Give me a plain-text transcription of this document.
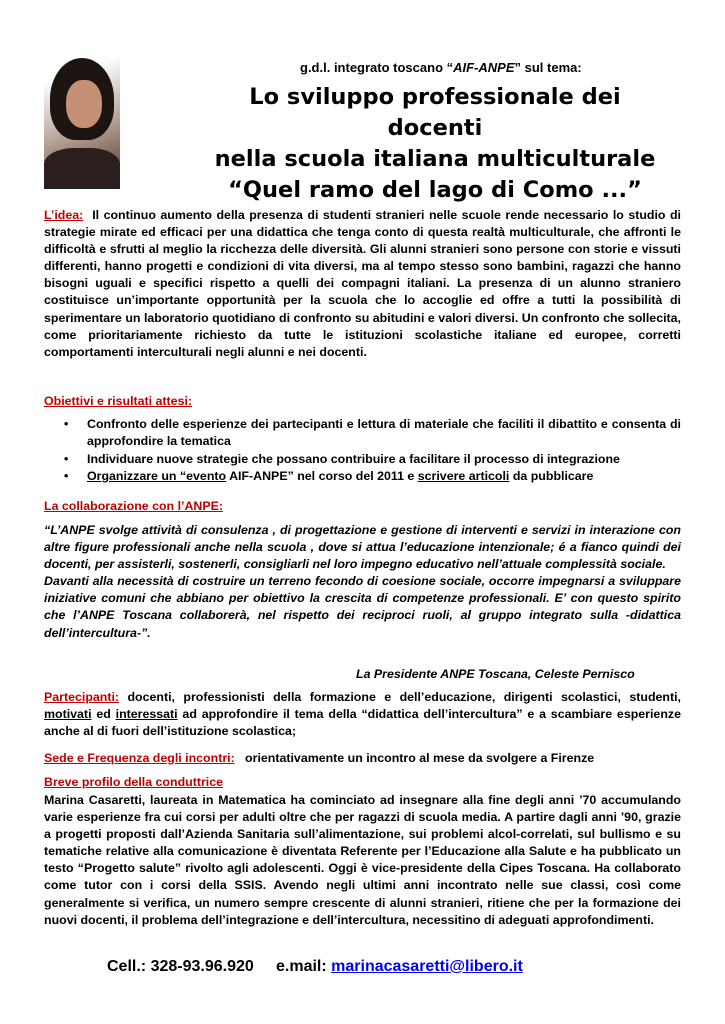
g.d.l. integrato toscano “AIF-ANPE” sul tema:
Lo sviluppo professionale dei docenti
nella scuola italiana multiculturale
“Quel ramo del lago di Como ...”
L’idea: Il continuo aumento della presenza di studenti stranieri nelle scuole rende necessario lo studio di strategie mirate ed efficaci per una didattica che tenga conto di questa realtà multiculturale, che affronti le difficoltà e sfrutti al meglio la ricchezza delle diversità. Gli alunni stranieri sono persone con storie e vissuti differenti, hanno progetti e condizioni di vita diversi, ma al tempo stesso sono bambini, ragazzi che hanno bisogni uguali e specifici rispetto a quelli dei compagni italiani. La presenza di un alunno straniero costituisce un’importante opportunità per la scuola che lo accoglie ed offre a tutti la possibilità di sperimentare un laboratorio quotidiano di confronto su abitudini e valori diversi. Un confronto che sollecita, come prioritariamente richiesto da tutte le istituzioni scolastiche italiane ed europee, corretti comportamenti interculturali negli alunni e nei docenti.
Obiettivi e risultati attesi:
• Confronto delle esperienze dei partecipanti e lettura di materiale che faciliti il dibattito e consenta di approfondire la tematica
• Individuare nuove strategie che possano contribuire a facilitare il processo di integrazione
• Organizzare un “evento AIF-ANPE” nel corso del 2011 e scrivere articoli da pubblicare
La collaborazione con l’ANPE:
“L’ANPE svolge attività di consulenza , di progettazione e gestione di interventi e servizi in interazione con altre figure professionali anche nella scuola , dove si attua l’educazione intenzionale; é a fianco quindi dei docenti, per assisterli, sostenerli, consigliarli nel loro impegno educativo nell’attuale complessità sociale.
Davanti alla necessità di costruire un terreno fecondo di coesione sociale, occorre impegnarsi a sviluppare iniziative comuni che abbiano per obiettivo la crescita di competenze professionali. E’ con questo spirito che l’ANPE Toscana collaborerà, nel rispetto dei reciproci ruoli, al gruppo integrato sulla -didattica dell’intercultura-”.
La Presidente ANPE Toscana, Celeste Pernisco
Partecipanti: docenti, professionisti della formazione e dell’educazione, dirigenti scolastici, studenti, motivati ed interessati ad approfondire il tema della “didattica dell’intercultura” e a scambiare esperienze anche al di fuori dell’istituzione scolastica;
Sede e Frequenza degli incontri: orientativamente un incontro al mese da svolgere a Firenze
Breve profilo della conduttrice
Marina Casaretti, laureata in Matematica ha cominciato ad insegnare alla fine degli anni ’70 accumulando varie esperienze fra cui corsi per adulti oltre che per ragazzi di scuola media. A partire dagli anni ’90, grazie a progetti proposti dall’Azienda Sanitaria sull’alimentazione, sui problemi alcol-correlati, sul bullismo e su tematiche relative alla comunicazione è diventata Referente per l’Educazione alla Salute e ha pubblicato un testo “Progetto salute” rivolto agli adolescenti. Oggi è vice-presidente della Cipes Toscana. Ha collaborato come tutor con i corsi della SSIS. Avendo negli ultimi anni incontrato nelle sue classi, così come generalmente si verifica, un numero sempre crescente di alunni stranieri, ritiene che per la formazione dei nuovi docenti, il problema dell’integrazione e dell’intercultura, necessitino di adeguati approfondimenti.
Cell.: 328-93.96.920 e.mail: marinacasaretti@libero.it
